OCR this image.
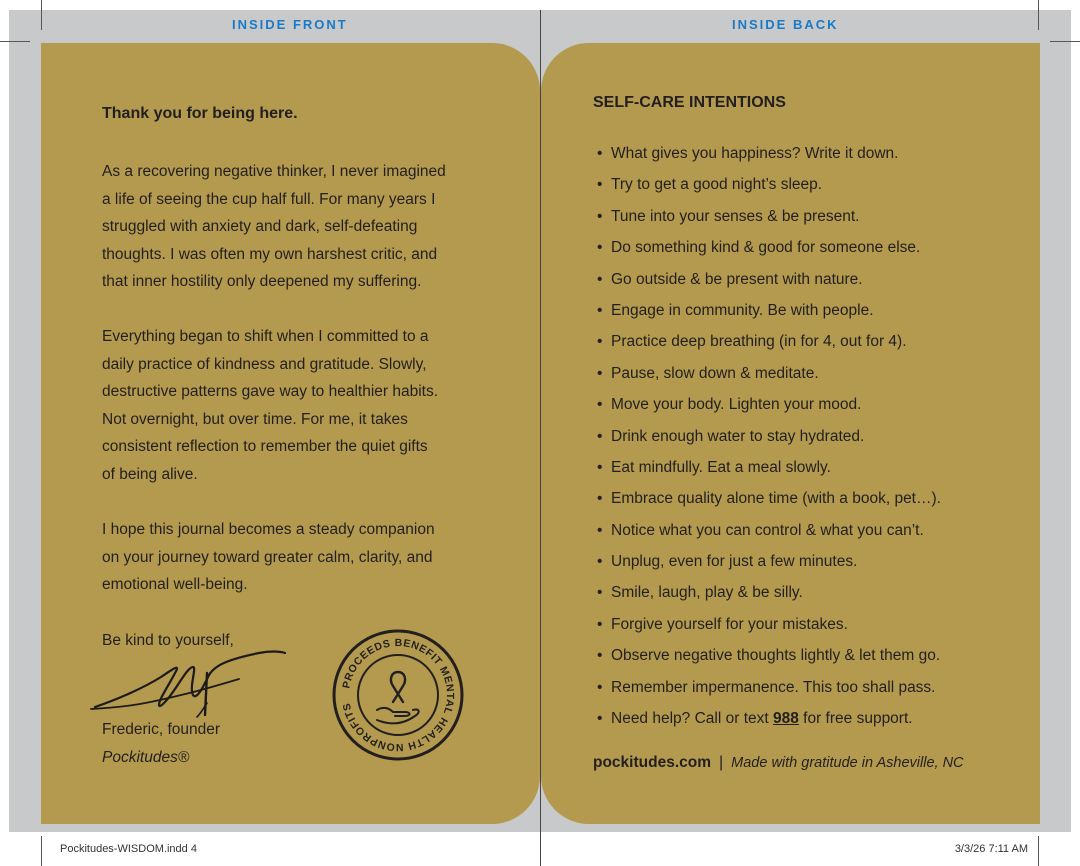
INSIDE FRONT	INSIDE BACK
Thank you for being here.
As a recovering negative thinker, I never imagined
a life of seeing the cup half full. For many years I
struggled with anxiety and dark, self-defeating
thoughts. I was often my own harshest critic, and
that inner hostility only deepened my suffering.
Everything began to shift when I committed to a
daily practice of kindness and gratitude. Slowly,
destructive patterns gave way to healthier habits.
Not overnight, but over time. For me, it takes
consistent reflection to remember the quiet gifts
of being alive.
I hope this journal becomes a steady companion
on your journey toward greater calm, clarity, and
emotional well-being.
Be kind to yourself,
Frederic, founder
Pockitudes®
PROCEEDS BENEFIT MENTAL HEALTH NONPROFITS
SELF-CARE INTENTIONS
• What gives you happiness? Write it down.
• Try to get a good night’s sleep.
• Tune into your senses & be present.
• Do something kind & good for someone else.
• Go outside & be present with nature.
• Engage in community. Be with people.
• Practice deep breathing (in for 4, out for 4).
• Pause, slow down & meditate.
• Move your body. Lighten your mood.
• Drink enough water to stay hydrated.
• Eat mindfully. Eat a meal slowly.
• Embrace quality alone time (with a book, pet…).
• Notice what you can control & what you can’t.
• Unplug, even for just a few minutes.
• Smile, laugh, play & be silly.
• Forgive yourself for your mistakes.
• Observe negative thoughts lightly & let them go.
• Remember impermanence. This too shall pass.
• Need help? Call or text 988 for free support.
pockitudes.com | Made with gratitude in Asheville, NC
Pockitudes-WISDOM.indd 4	3/3/26 7:11 AM
